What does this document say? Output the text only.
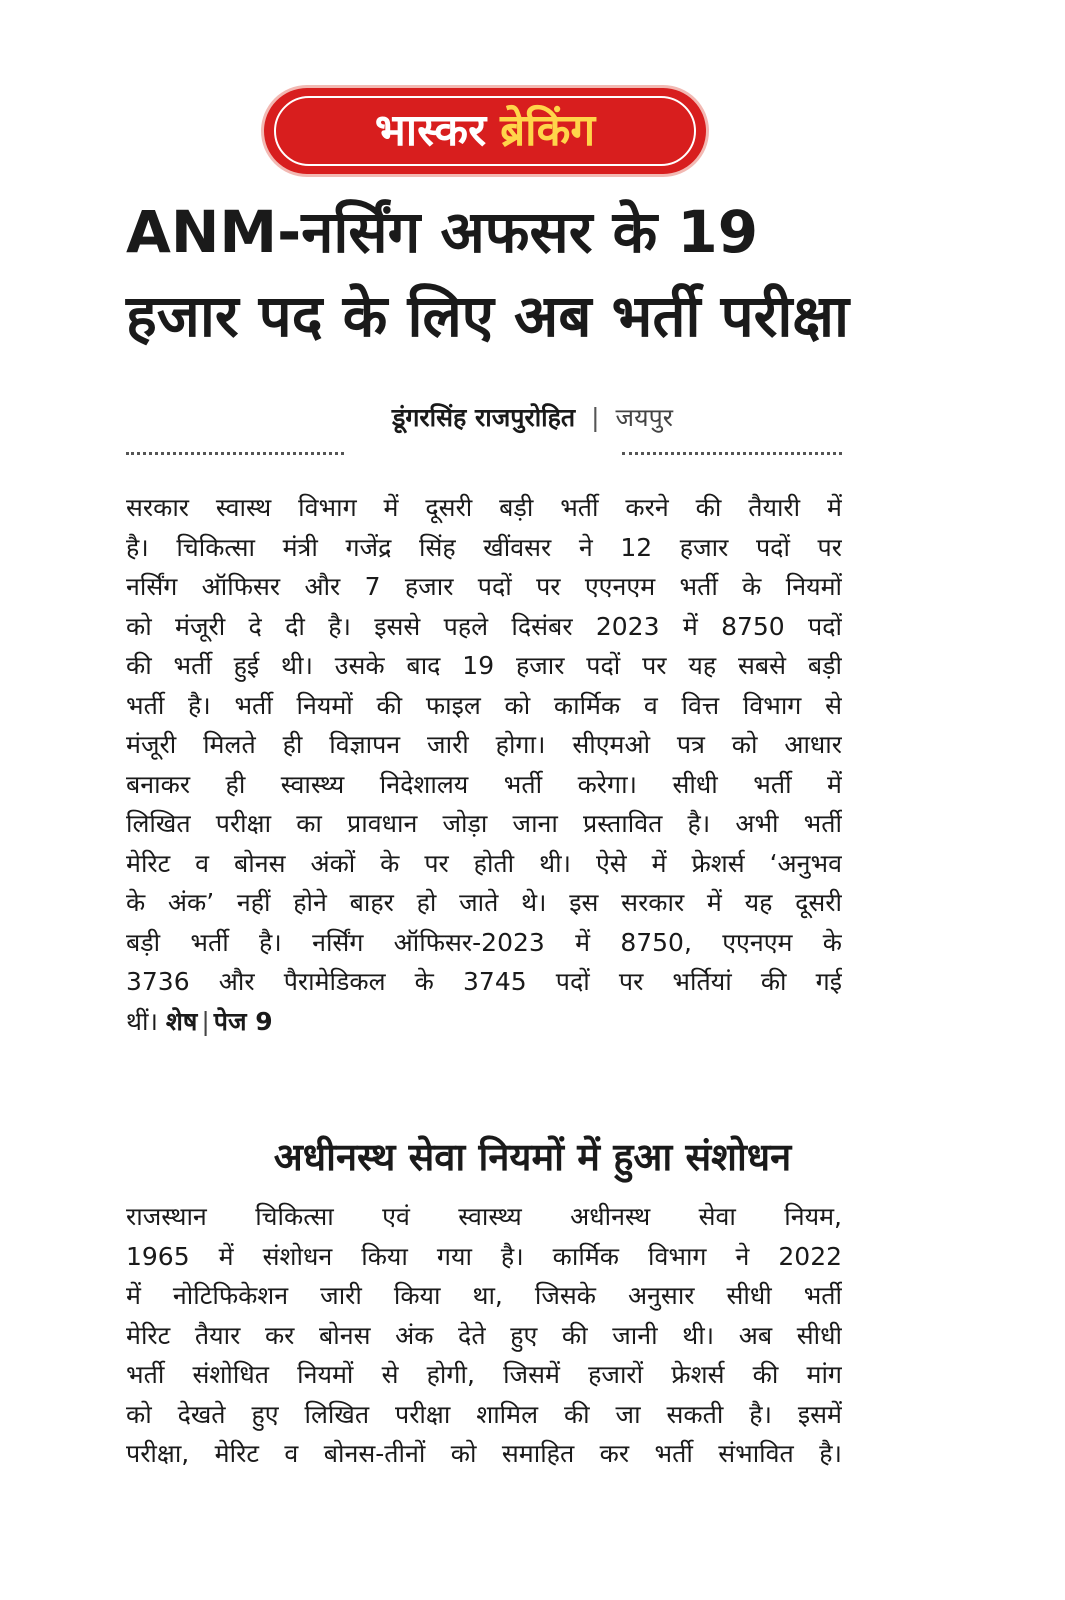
भास्कर ब्रेकिंग
ANM-नर्सिंग अफसर के 19
हजार पद के लिए अब भर्ती परीक्षा
डूंगरसिंह राजपुरोहित | जयपुर
सरकार स्वास्थ विभाग में दूसरी बड़ी भर्ती करने की तैयारी में
है। चिकित्सा मंत्री गजेंद्र सिंह खींवसर ने 12 हजार पदों पर
नर्सिंग ऑफिसर और 7 हजार पदों पर एएनएम भर्ती के नियमों
को मंजूरी दे दी है। इससे पहले दिसंबर 2023 में 8750 पदों
की भर्ती हुई थी। उसके बाद 19 हजार पदों पर यह सबसे बड़ी
भर्ती है। भर्ती नियमों की फाइल को कार्मिक व वित्त विभाग से
मंजूरी मिलते ही विज्ञापन जारी होगा। सीएमओ पत्र को आधार
बनाकर ही स्वास्थ्य निदेशालय भर्ती करेगा। सीधी भर्ती में
लिखित परीक्षा का प्रावधान जोड़ा जाना प्रस्तावित है। अभी भर्ती
मेरिट व बोनस अंकों के पर होती थी। ऐसे में फ्रेशर्स ‘अनुभव
के अंक’ नहीं होने बाहर हो जाते थे। इस सरकार में यह दूसरी
बड़ी भर्ती है। नर्सिंग ऑफिसर-2023 में 8750, एएनएम के
3736 और पैरामेडिकल के 3745 पदों पर भर्तियां की गई
थीं। शेष | पेज 9
अधीनस्थ सेवा नियमों में हुआ संशोधन
राजस्थान चिकित्सा एवं स्वास्थ्य अधीनस्थ सेवा नियम,
1965 में संशोधन किया गया है। कार्मिक विभाग ने 2022
में नोटिफिकेशन जारी किया था, जिसके अनुसार सीधी भर्ती
मेरिट तैयार कर बोनस अंक देते हुए की जानी थी। अब सीधी
भर्ती संशोधित नियमों से होगी, जिसमें हजारों फ्रेशर्स की मांग
को देखते हुए लिखित परीक्षा शामिल की जा सकती है। इसमें
परीक्षा, मेरिट व बोनस-तीनों को समाहित कर भर्ती संभावित है।
